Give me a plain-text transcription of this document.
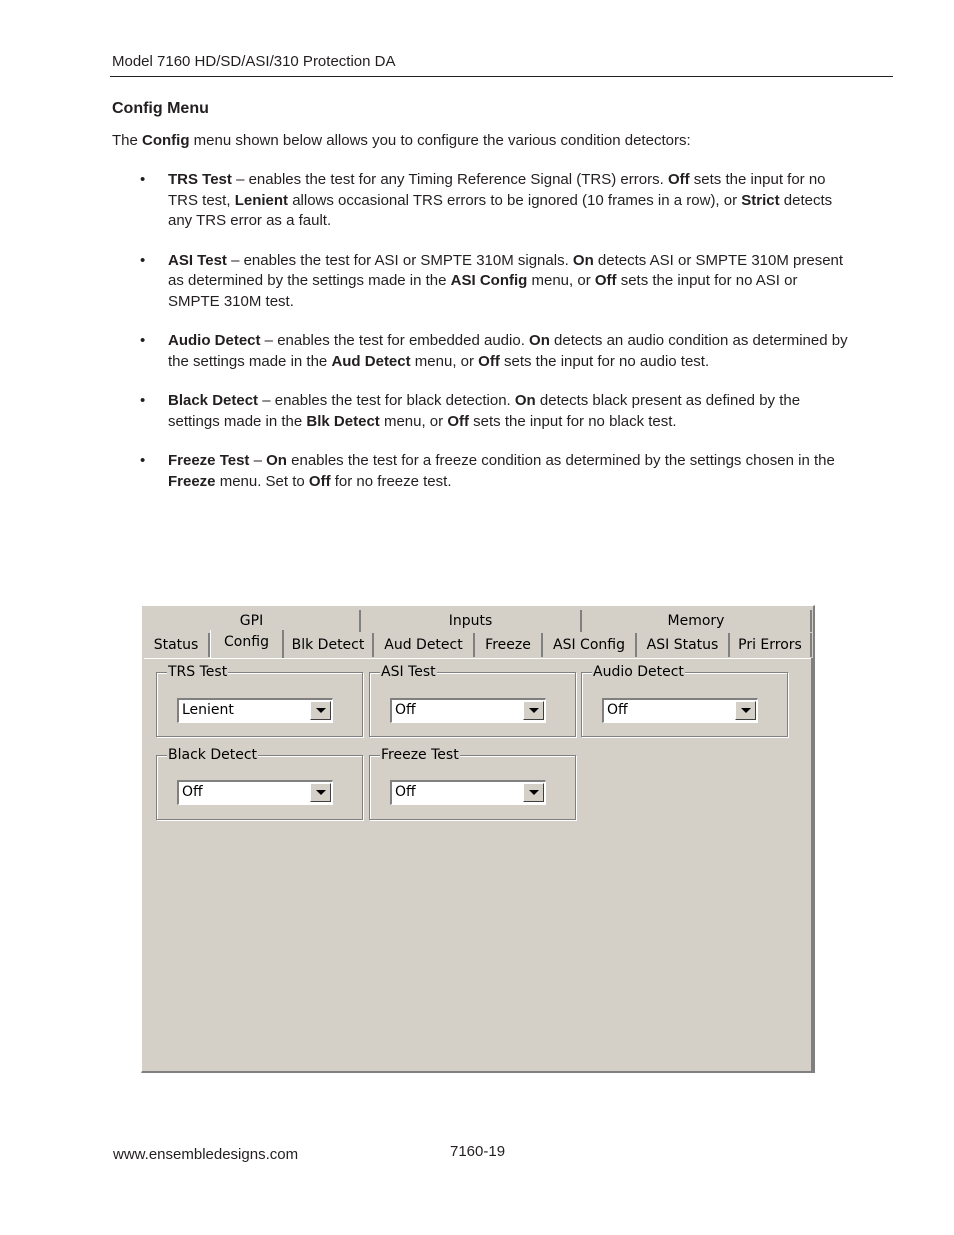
Model 7160 HD/SD/ASI/310 Protection DA
Config Menu
The Config menu shown below allows you to configure the various condition detectors:
• TRS Test – enables the test for any Timing Reference Signal (TRS) errors. Off sets the input for no TRS test, Lenient allows occasional TRS errors to be ignored (10 frames in a row), or Strict detects any TRS error as a fault.
• ASI Test – enables the test for ASI or SMPTE 310M signals. On detects ASI or SMPTE 310M present as determined by the settings made in the ASI Config menu, or Off sets the input for no ASI or SMPTE 310M test.
• Audio Detect – enables the test for embedded audio. On detects an audio condition as determined by the settings made in the Aud Detect menu, or Off sets the input for no audio test.
• Black Detect – enables the test for black detection. On detects black present as defined by the settings made in the Blk Detect menu, or Off sets the input for no black test.
• Freeze Test – On enables the test for a freeze condition as determined by the settings chosen in the Freeze menu. Set to Off for no freeze test.
GPI	Inputs	Memory
Status	Config	Blk Detect	Aud Detect	Freeze	ASI Config	ASI Status	Pri Errors
TRS Test
Lenient
ASI Test
Off
Audio Detect
Off
Black Detect
Off
Freeze Test
Off
www.ensembledesigns.com	7160-19
